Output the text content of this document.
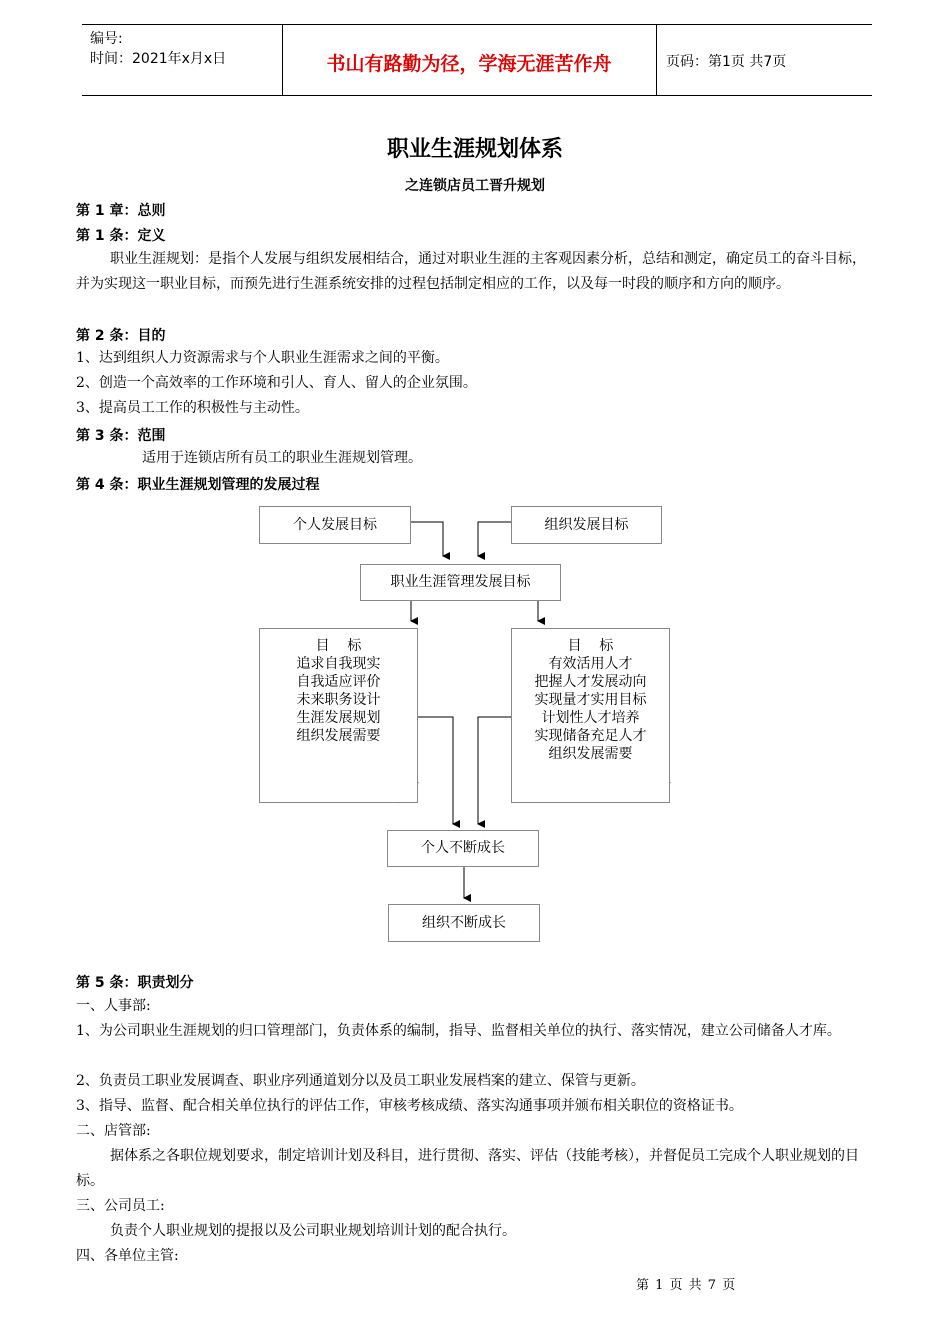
编号:
时间：2021年x月x日	书山有路勤为径，学海无涯苦作舟	页码：第1页 共7页
职业生涯规划体系
之连锁店员工晋升规划
第 1 章：总则
第 1 条：定义
职业生涯规划：是指个人发展与组织发展相结合，通过对职业生涯的主客观因素分析，总结和测定，确定员工的奋斗目标，并为实现这一职业目标，而预先进行生涯系统安排的过程包括制定相应的工作，以及每一时段的顺序和方向的顺序。
第 2 条：目的
1、达到组织人力资源需求与个人职业生涯需求之间的平衡。
2、创造一个高效率的工作环境和引人、育人、留人的企业氛围。
3、提高员工工作的积极性与主动性。
第 3 条：范围
适用于连锁店所有员工的职业生涯规划管理。
第 4 条：职业生涯规划管理的发展过程
个人发展目标	组织发展目标
职业生涯管理发展目标
目    标
追求自我现实
自我适应评价
未来职务设计
生涯发展规划
组织发展需要
目    标
有效活用人才
把握人才发展动向
实现量才实用目标
计划性人才培养
实现储备充足人才
组织发展需要
个人不断成长
组织不断成长
第 5 条：职责划分
一、人事部:
1、为公司职业生涯规划的归口管理部门，负责体系的编制，指导、监督相关单位的执行、落实情况，建立公司储备人才库。
2、负责员工职业发展调查、职业序列通道划分以及员工职业发展档案的建立、保管与更新。
3、指导、监督、配合相关单位执行的评估工作，审核考核成绩、落实沟通事项并颁布相关职位的资格证书。
二、店管部:
据体系之各职位规划要求，制定培训计划及科目，进行贯彻、落实、评估（技能考核），并督促员工完成个人职业规划的目标。
三、公司员工:
负责个人职业规划的提报以及公司职业规划培训计划的配合执行。
四、各单位主管:
第 1 页 共 7 页
